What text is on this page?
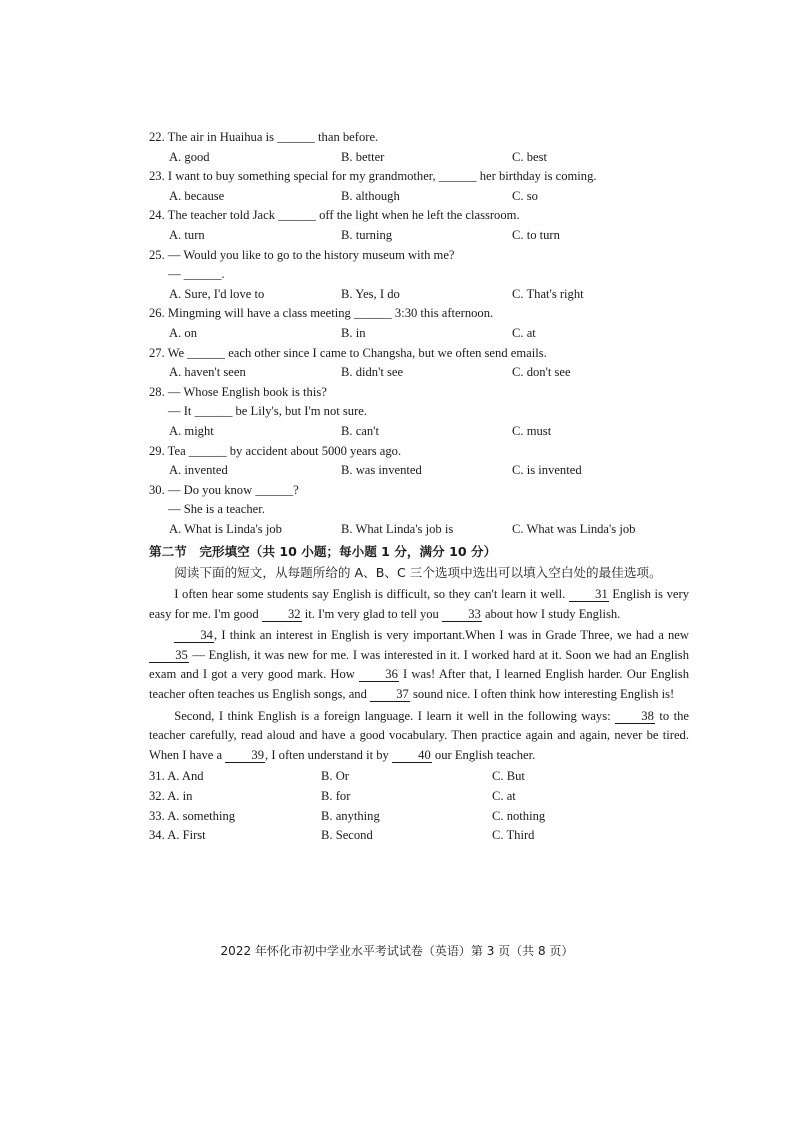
22. The air in Huaihua is ______ than before.
A. good	B. better	C. best
23. I want to buy something special for my grandmother, ______ her birthday is coming.
A. because	B. although	C. so
24. The teacher told Jack ______ off the light when he left the classroom.
A. turn	B. turning	C. to turn
25. — Would you like to go to the history museum with me?
— ______.
A. Sure, I'd love to	B. Yes, I do	C. That's right
26. Mingming will have a class meeting ______ 3:30 this afternoon.
A. on	B. in	C. at
27. We ______ each other since I came to Changsha, but we often send emails.
A. haven't seen	B. didn't see	C. don't see
28. — Whose English book is this?
— It ______ be Lily's, but I'm not sure.
A. might	B. can't	C. must
29. Tea ______ by accident about 5000 years ago.
A. invented	B. was invented	C. is invented
30. — Do you know ______?
— She is a teacher.
A. What is Linda's job	B. What Linda's job is	C. What was Linda's job
第二节　完形填空（共 10 小题；每小题 1 分，满分 10 分）
阅读下面的短文，从每题所给的 A、B、C 三个选项中选出可以填入空白处的最佳选项。
I often hear some students say English is difficult, so they can't learn it well. 31 English is very easy for me. I'm good 32 it. I'm very glad to tell you 33 about how I study English.
34, I think an interest in English is very important.When I was in Grade Three, we had a new 35 — English, it was new for me. I was interested in it. I worked hard at it. Soon we had an English exam and I got a very good mark. How 36 I was! After that, I learned English harder. Our English teacher often teaches us English songs, and 37 sound nice. I often think how interesting English is!
Second, I think English is a foreign language. I learn it well in the following ways: 38 to the teacher carefully, read aloud and have a good vocabulary. Then practice again and again, never be tired. When I have a 39, I often understand it by 40 our English teacher.
31. A. And	B. Or	C. But
32. A. in	B. for	C. at
33. A. something	B. anything	C. nothing
34. A. First	B. Second	C. Third
2022 年怀化市初中学业水平考试试卷（英语）第 3 页（共 8 页）
